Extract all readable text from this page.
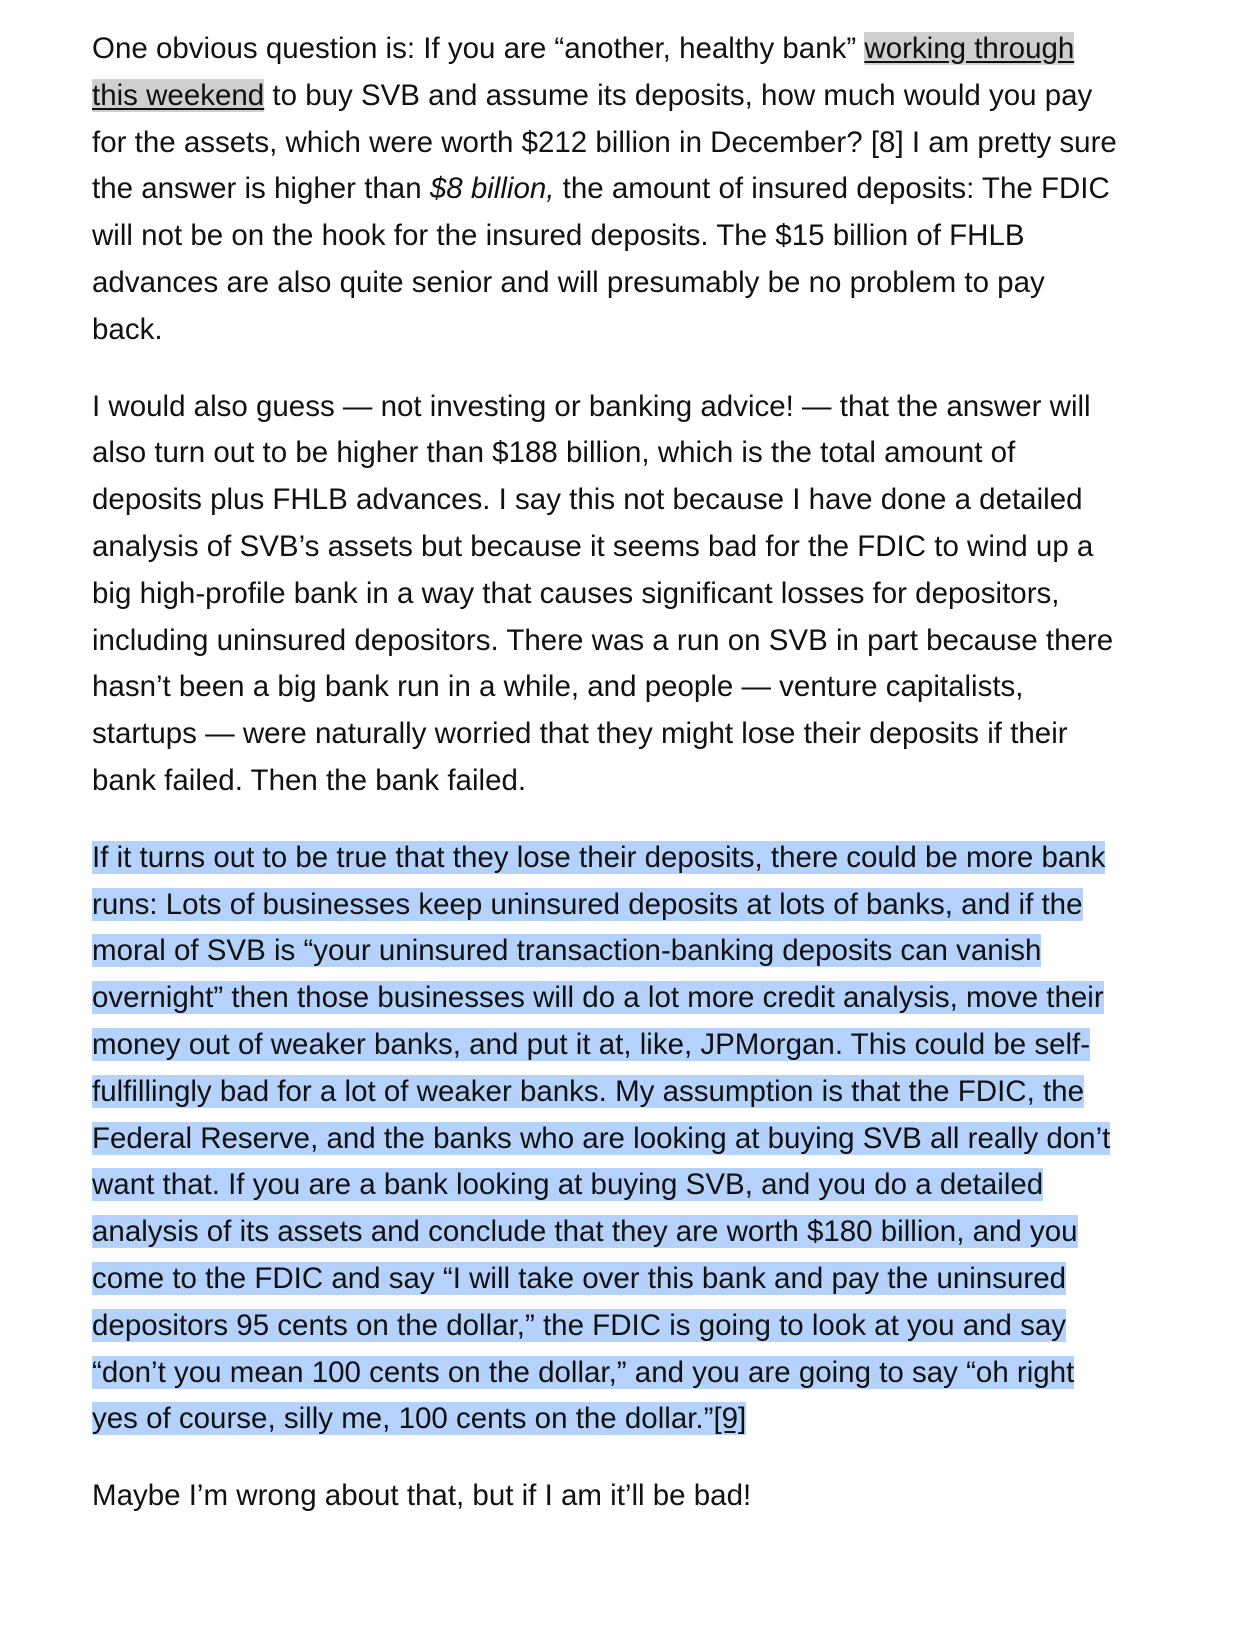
One obvious question is: If you are “another, healthy bank” working through this weekend to buy SVB and assume its deposits, how much would you pay for the assets, which were worth $212 billion in December? [8] I am pretty sure the answer is higher than $8 billion, the amount of insured deposits: The FDIC will not be on the hook for the insured deposits. The $15 billion of FHLB advances are also quite senior and will presumably be no problem to pay back.

I would also guess — not investing or banking advice! — that the answer will also turn out to be higher than $188 billion, which is the total amount of deposits plus FHLB advances. I say this not because I have done a detailed analysis of SVB’s assets but because it seems bad for the FDIC to wind up a big high-profile bank in a way that causes significant losses for depositors, including uninsured depositors. There was a run on SVB in part because there hasn’t been a big bank run in a while, and people — venture capitalists, startups — were naturally worried that they might lose their deposits if their bank failed. Then the bank failed.

If it turns out to be true that they lose their deposits, there could be more bank runs: Lots of businesses keep uninsured deposits at lots of banks, and if the moral of SVB is “your uninsured transaction-banking deposits can vanish overnight” then those businesses will do a lot more credit analysis, move their money out of weaker banks, and put it at, like, JPMorgan. This could be self-fulfillingly bad for a lot of weaker banks. My assumption is that the FDIC, the Federal Reserve, and the banks who are looking at buying SVB all really don’t want that. If you are a bank looking at buying SVB, and you do a detailed analysis of its assets and conclude that they are worth $180 billion, and you come to the FDIC and say “I will take over this bank and pay the uninsured depositors 95 cents on the dollar,” the FDIC is going to look at you and say “don’t you mean 100 cents on the dollar,” and you are going to say “oh right yes of course, silly me, 100 cents on the dollar.”[9]

Maybe I’m wrong about that, but if I am it’ll be bad!
